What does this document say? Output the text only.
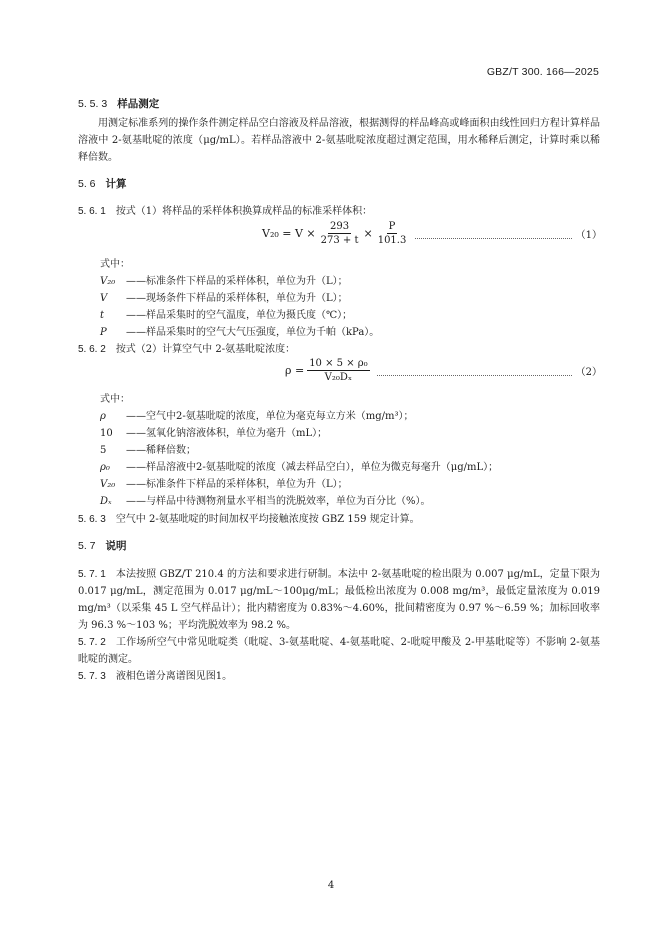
GBZ/T 300. 166—2025
5. 5. 3 样品测定
用测定标准系列的操作条件测定样品空白溶液及样品溶液，根据测得的样品峰高或峰面积由线性回归方程计算样品溶液中 2-氨基吡啶的浓度（μg/mL）。若样品溶液中 2-氨基吡啶浓度超过测定范围，用水稀释后测定，计算时乘以稀释倍数。
5. 6 计算
5. 6. 1 按式（1）将样品的采样体积换算成样品的标准采样体积：
$V_{20} = V \times \frac{293}{273 + t} \times \frac{P}{101.3}$	（1）
式中：
V₂₀ ——标准条件下样品的采样体积，单位为升（L）；
V ——现场条件下样品的采样体积，单位为升（L）；
t ——样品采集时的空气温度，单位为摄氏度（℃）；
P ——样品采集时的空气大气压强度，单位为千帕（kPa）。
5. 6. 2 按式（2）计算空气中 2-氨基吡啶浓度：
$\rho = \frac{\text{10 × 5 × ρ₀}}{\text{V₂₀Dₓ}}$	（2）
式中：
ρ ——空气中2-氨基吡啶的浓度，单位为毫克每立方米（mg/m³）；
10 ——氢氧化钠溶液体积，单位为毫升（mL）；
5 ——稀释倍数；
ρ₀ ——样品溶液中2-氨基吡啶的浓度（减去样品空白），单位为微克每毫升（μg/mL）；
V₂₀ ——标准条件下样品的采样体积，单位为升（L）；
Dₓ ——与样品中待测物剂量水平相当的洗脱效率，单位为百分比（%）。
5. 6. 3 空气中 2-氨基吡啶的时间加权平均接触浓度按 GBZ 159 规定计算。
5. 7 说明
5. 7. 1 本法按照 GBZ/T 210.4 的方法和要求进行研制。本法中 2-氨基吡啶的检出限为 0.007 μg/mL，定量下限为 0.017 μg/mL，测定范围为 0.017 μg/mL～100μg/mL；最低检出浓度为 0.008 mg/m³，最低定量浓度为 0.019 mg/m³（以采集 45 L 空气样品计）；批内精密度为 0.83%～4.60%，批间精密度为 0.97 %～6.59 %；加标回收率为 96.3 %～103 %；平均洗脱效率为 98.2 %。
5. 7. 2 工作场所空气中常见吡啶类（吡啶、3-氨基吡啶、4-氨基吡啶、2-吡啶甲酸及 2-甲基吡啶等）不影响 2-氨基吡啶的测定。
5. 7. 3 液相色谱分离谱图见图1。
4
